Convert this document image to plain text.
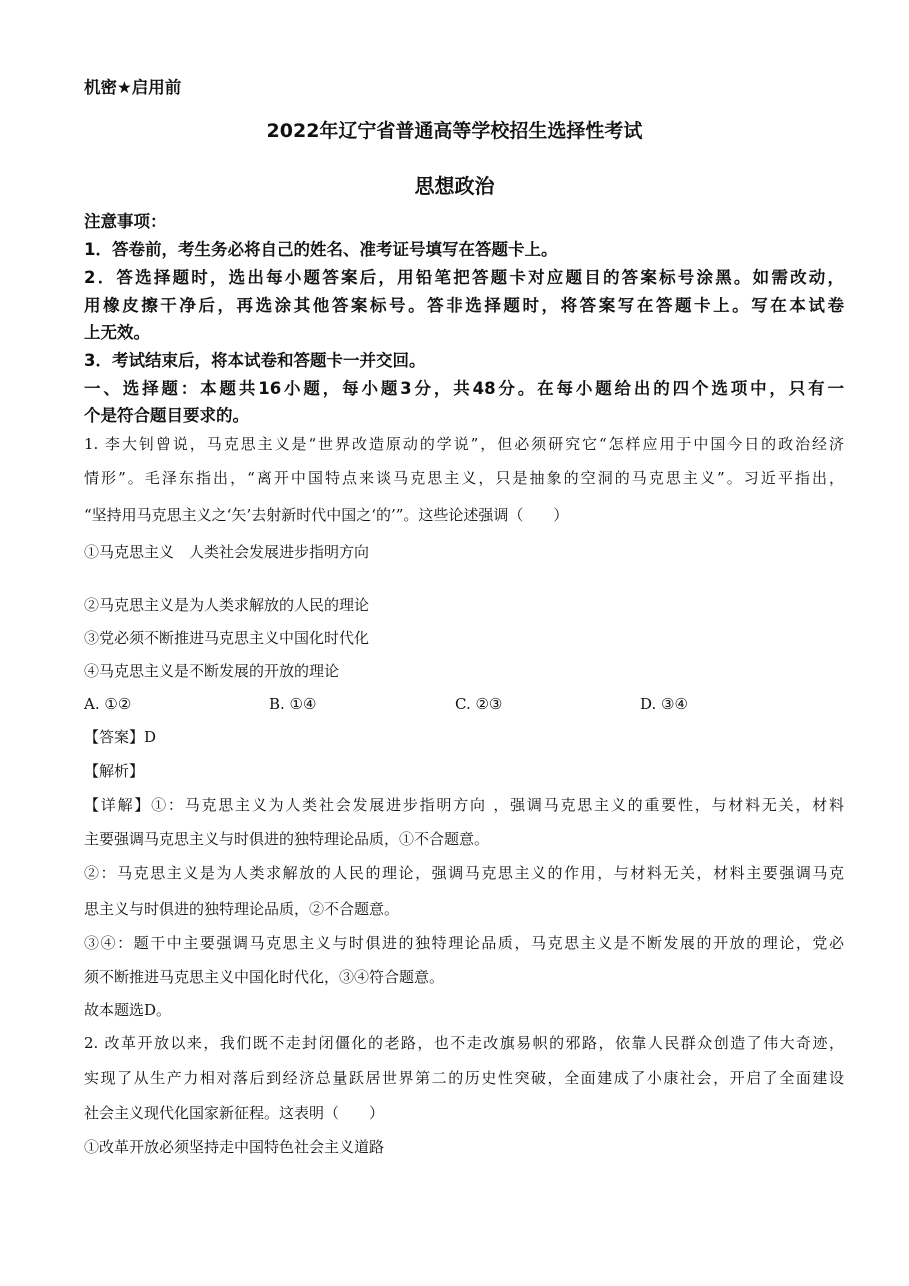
机密★启用前
2022年辽宁省普通高等学校招生选择性考试
思想政治
注意事项：
1．答卷前，考生务必将自己的姓名、准考证号填写在答题卡上。
2．答选择题时，选出每小题答案后，用铅笔把答题卡对应题目的答案标号涂黑。如需改动，
用橡皮擦干净后，再选涂其他答案标号。答非选择题时，将答案写在答题卡上。写在本试卷
上无效。
3．考试结束后，将本试卷和答题卡一并交回。
一、选择题：本题共16小题，每小题3分，共48分。在每小题给出的四个选项中，只有一
个是符合题目要求的。
1. 李大钊曾说，马克思主义是“世界改造原动的学说”，但必须研究它“怎样应用于中国今日的政治经济
情形”。毛泽东指出，“离开中国特点来谈马克思主义，只是抽象的空洞的马克思主义”。习近平指出，
“坚持用马克思主义之‘矢’去射新时代中国之‘的’”。这些论述强调（　　）
①马克思主义　人类社会发展进步指明方向
②马克思主义是为人类求解放的人民的理论
③党必须不断推进马克思主义中国化时代化
④马克思主义是不断发展的开放的理论
A. ①②	B. ①④	C. ②③	D. ③④
【答案】D
【解析】
【详解】①：马克思主义为人类社会发展进步指明方向 ，强调马克思主义的重要性，与材料无关，材料
主要强调马克思主义与时俱进的独特理论品质，①不合题意。
②：马克思主义是为人类求解放的人民的理论，强调马克思主义的作用，与材料无关，材料主要强调马克
思主义与时俱进的独特理论品质，②不合题意。
③④：题干中主要强调马克思主义与时俱进的独特理论品质，马克思主义是不断发展的开放的理论，党必
须不断推进马克思主义中国化时代化，③④符合题意。
故本题选D。
2. 改革开放以来，我们既不走封闭僵化的老路，也不走改旗易帜的邪路，依靠人民群众创造了伟大奇迹，
实现了从生产力相对落后到经济总量跃居世界第二的历史性突破，全面建成了小康社会，开启了全面建设
社会主义现代化国家新征程。这表明（　　）
①改革开放必须坚持走中国特色社会主义道路
